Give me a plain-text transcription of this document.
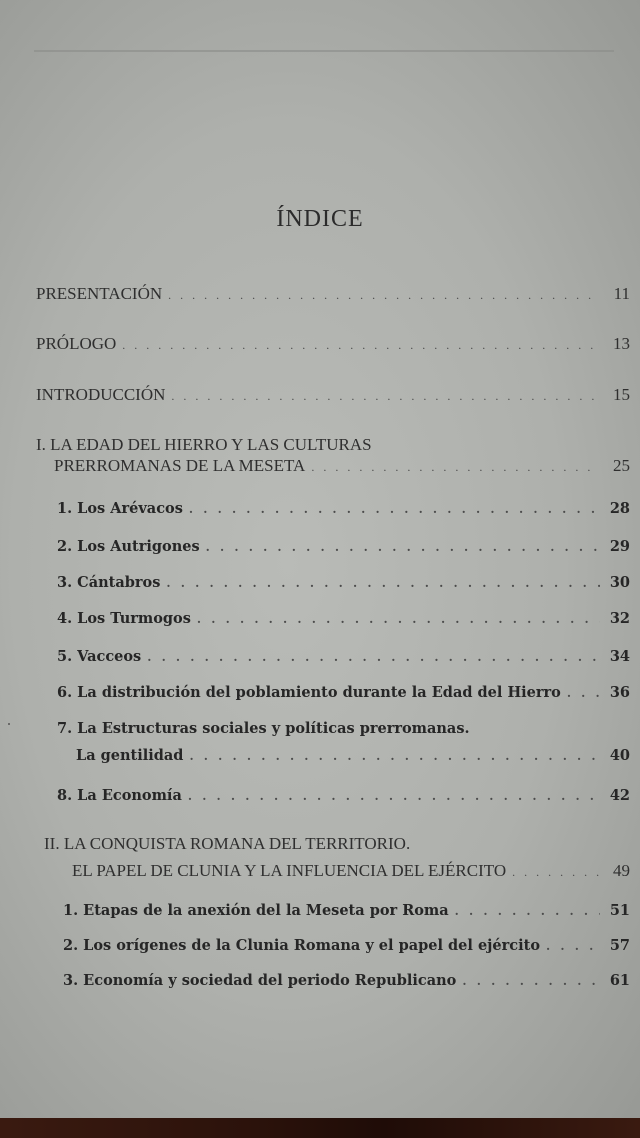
ÍNDICE
PRESENTACIÓN . . .	11
PRÓLOGO . . .	13
INTRODUCCIÓN . . .	15
I. LA EDAD DEL HIERRO Y LAS CULTURAS
PRERROMANAS DE LA MESETA . . .	25
1. Los Arévacos . . .	28
2. Los Autrigones . . .	29
3. Cántabros . . .	30
4. Los Turmogos . . .	32
5. Vacceos . . .	34
6. La distribución del poblamiento durante la Edad del Hierro . . .	36
7. La Estructuras sociales y políticas prerromanas.
La gentilidad . . .	40
8. La Economía . . .	42
II. LA CONQUISTA ROMANA DEL TERRITORIO.
EL PAPEL DE CLUNIA Y LA INFLUENCIA DEL EJÉRCITO . . .	49
1. Etapas de la anexión del la Meseta por Roma . . .	51
2. Los orígenes de la Clunia Romana y el papel del ejército . . .	57
3. Economía y sociedad del periodo Republicano . . .	61
